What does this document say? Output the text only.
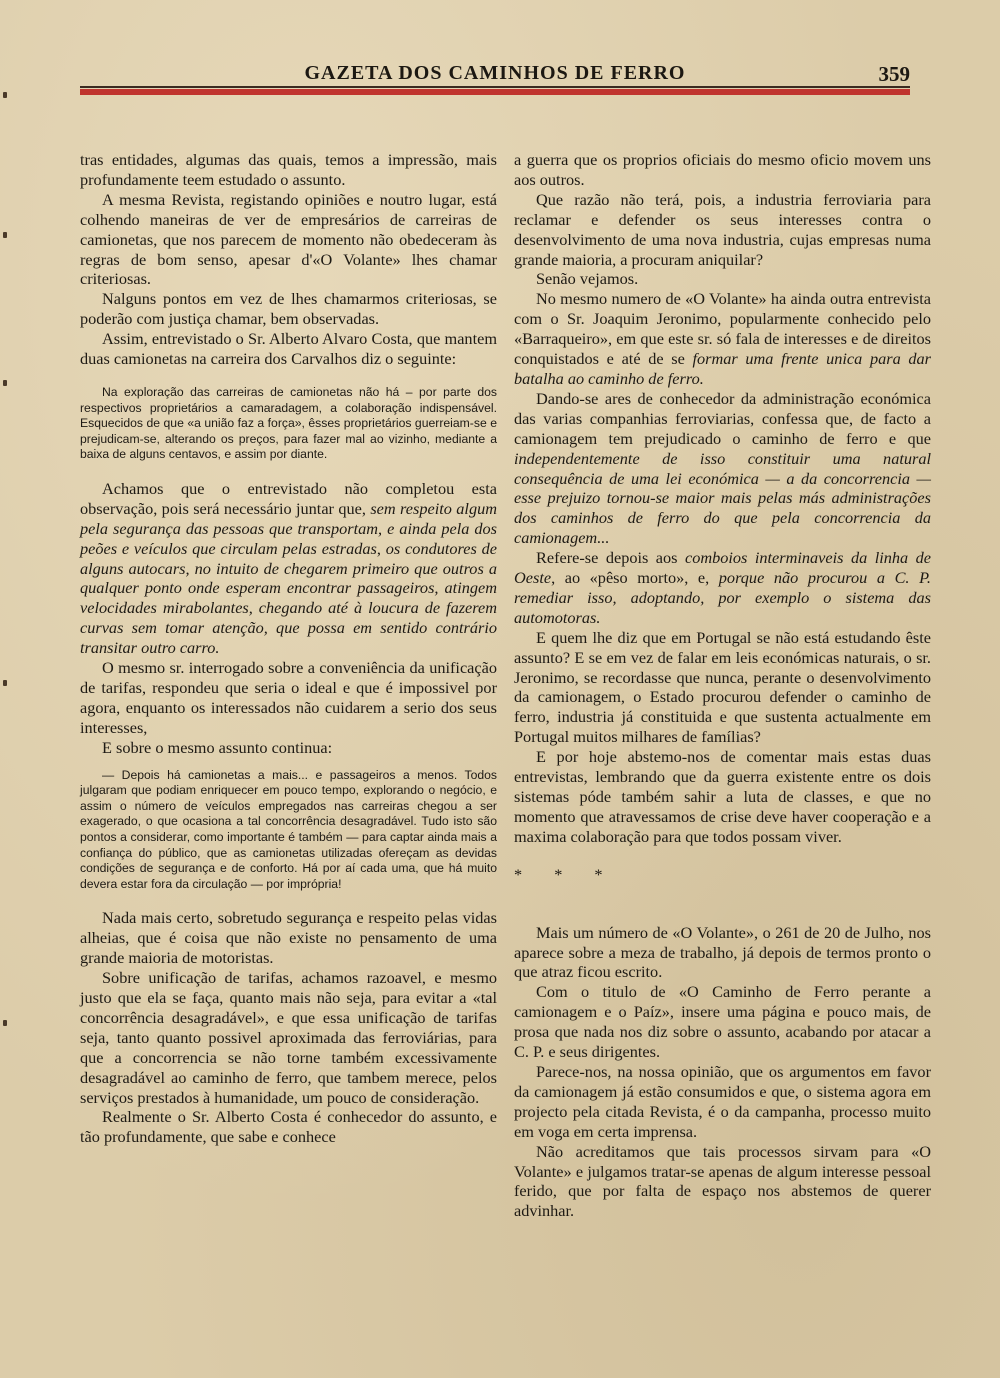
GAZETA DOS CAMINHOS DE FERRO	359

tras entidades, algumas das quais, temos a impressão, mais profundamente teem estudado o assunto.

A mesma Revista, registando opiniões e noutro lugar, está colhendo maneiras de ver de empresários de carreiras de camionetas, que nos parecem de momento não obedeceram às regras de bom senso, apesar d'«O Volante» lhes chamar criteriosas.

Nalguns pontos em vez de lhes chamarmos criteriosas, se poderão com justiça chamar, bem observadas.

Assim, entrevistado o Sr. Alberto Alvaro Costa, que mantem duas camionetas na carreira dos Carvalhos diz o seguinte:

Na exploração das carreiras de camionetas não há – por parte dos respectivos proprietários a camaradagem, a colaboração indispensável. Esquecidos de que «a união faz a força», êsses proprietários guerreiam-se e prejudicam-se, alterando os preços, para fazer mal ao vizinho, mediante a baixa de alguns centavos, e assim por diante.

Achamos que o entrevistado não completou esta observação, pois será necessário juntar que, sem respeito algum pela segurança das pessoas que transportam, e ainda pela dos peões e veículos que circulam pelas estradas, os condutores de alguns autocars, no intuito de chegarem primeiro que outros a qualquer ponto onde esperam encontrar passageiros, atingem velocidades mirabolantes, chegando até à loucura de fazerem curvas sem tomar atenção, que possa em sentido contrário transitar outro carro.

O mesmo sr. interrogado sobre a conveniência da unificação de tarifas, respondeu que seria o ideal e que é impossivel por agora, enquanto os interessados não cuidarem a serio dos seus interesses,

E sobre o mesmo assunto continua:

— Depois há camionetas a mais... e passageiros a menos. Todos julgaram que podiam enriquecer em pouco tempo, explorando o negócio, e assim o número de veículos empregados nas carreiras chegou a ser exagerado, o que ocasiona a tal concorrência desagradável. Tudo isto são pontos a considerar, como importante é também — para captar ainda mais a confiança do público, que as camionetas utilizadas ofereçam as devidas condições de segurança e de conforto. Há por aí cada uma, que há muito devera estar fora da circulação — por imprópria!

Nada mais certo, sobretudo segurança e respeito pelas vidas alheias, que é coisa que não existe no pensamento de uma grande maioria de motoristas.

Sobre unificação de tarifas, achamos razoavel, e mesmo justo que ela se faça, quanto mais não seja, para evitar a «tal concorrência desagradável», e que essa unificação de tarifas seja, tanto quanto possivel aproximada das ferroviárias, para que a concorrencia se não torne também excessivamente desagradável ao caminho de ferro, que tambem merece, pelos serviços prestados à humanidade, um pouco de consideração.

Realmente o Sr. Alberto Costa é conhecedor do assunto, e tão profundamente, que sabe e conhece

a guerra que os proprios oficiais do mesmo oficio movem uns aos outros.

Que razão não terá, pois, a industria ferroviaria para reclamar e defender os seus interesses contra o desenvolvimento de uma nova industria, cujas empresas numa grande maioria, a procuram aniquilar?

Senão vejamos.

No mesmo numero de «O Volante» ha ainda outra entrevista com o Sr. Joaquim Jeronimo, popularmente conhecido pelo «Barraqueiro», em que este sr. só fala de interesses e de direitos conquistados e até de se formar uma frente unica para dar batalha ao caminho de ferro.

Dando-se ares de conhecedor da administração económica das varias companhias ferroviarias, confessa que, de facto a camionagem tem prejudicado o caminho de ferro e que independentemente de isso constituir uma natural consequência de uma lei económica — a da concorrencia — esse prejuizo tornou-se maior mais pelas más administrações dos caminhos de ferro do que pela concorrencia da camionagem...

Refere-se depois aos comboios interminaveis da linha de Oeste, ao «pêso morto», e, porque não procurou a C. P. remediar isso, adoptando, por exemplo o sistema das automotoras.

E quem lhe diz que em Portugal se não está estudando êste assunto? E se em vez de falar em leis económicas naturais, o sr. Jeronimo, se recordasse que nunca, perante o desenvolvimento da camionagem, o Estado procurou defender o caminho de ferro, industria já constituida e que sustenta actualmente em Portugal muitos milhares de famílias?

E por hoje abstemo-nos de comentar mais estas duas entrevistas, lembrando que da guerra existente entre os dois sistemas póde também sahir a luta de classes, e que no momento que atravessamos de crise deve haver cooperação e a maxima colaboração para que todos possam viver.

* * *

Mais um número de «O Volante», o 261 de 20 de Julho, nos aparece sobre a meza de trabalho, já depois de termos pronto o que atraz ficou escrito.

Com o titulo de «O Caminho de Ferro perante a camionagem e o Paíz», insere uma página e pouco mais, de prosa que nada nos diz sobre o assunto, acabando por atacar a C. P. e seus dirigentes.

Parece-nos, na nossa opinião, que os argumentos em favor da camionagem já estão consumidos e que, o sistema agora em projecto pela citada Revista, é o da campanha, processo muito em voga em certa imprensa.

Não acreditamos que tais processos sirvam para «O Volante» e julgamos tratar-se apenas de algum interesse pessoal ferido, que por falta de espaço nos abstemos de querer advinhar.
